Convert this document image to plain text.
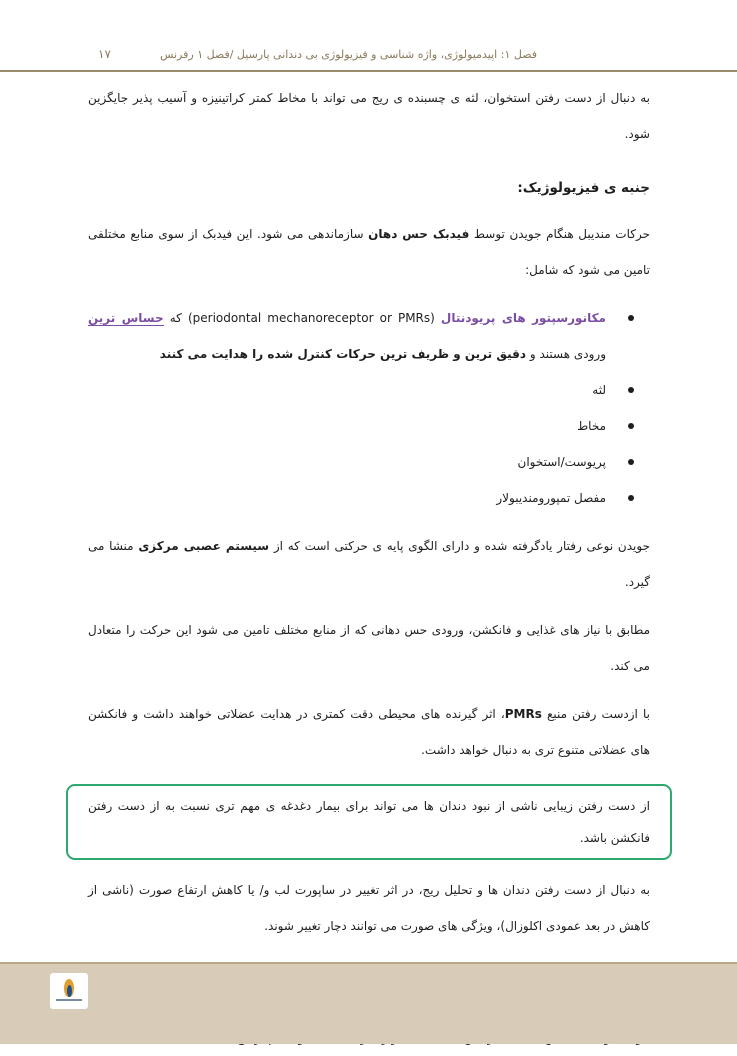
فصل ۱: اپیدمیولوژی، واژه شناسی و فیزیولوژی بی دندانی پارسیل /فصل ۱ رفرنس
۱۷

به دنبال از دست رفتن استخوان، لثه ی چسبنده ی ریج می تواند با مخاط کمتر کراتینیزه و آسیب پذیر جایگزین شود.

جنبه ی فیزیولوژیک:

حرکات مندیبل هنگام جویدن توسط فیدبک حس دهان سازماندهی می شود. این فیدبک از سوی منابع مختلفی تامین می شود که شامل:

مکانورسپتور های پریودنتال (periodontal mechanoreceptor or PMRs) که حساس ترین ورودی هستند و دقیق ترین و ظریف ترین حرکات کنترل شده را هدایت می کنند
لثه
مخاط
پریوست/استخوان
مفصل تمپورومندیبولار

جویدن نوعی رفتار یادگرفته شده و دارای الگوی پایه ی حرکتی است که از سیستم عصبی مرکزی منشا می گیرد.

مطابق با نیاز های غذایی و فانکشن، ورودی حس دهانی که از منابع مختلف تامین می شود این حرکت را متعادل می کند.

با ازدست رفتن منبع PMRs، اثر گیرنده های محیطی دقت کمتری در هدایت عضلاتی خواهند داشت و فانکشن های عضلاتی متنوع تری به دنبال خواهد داشت.

از دست رفتن زیبایی ناشی از نبود دندان ها می تواند برای بیمار دغدغه ی مهم تری نسبت به از دست رفتن فانکشن باشد.

به دنبال از دست رفتن دندان ها و تحلیل ریج، در اثر تغییر در ساپورت لب و/ یا کاهش ارتفاع صورت (ناشی از کاهش در بعد عمودی اکلوزال)، ویژگی های صورت می توانند دچار تغییر شوند.
